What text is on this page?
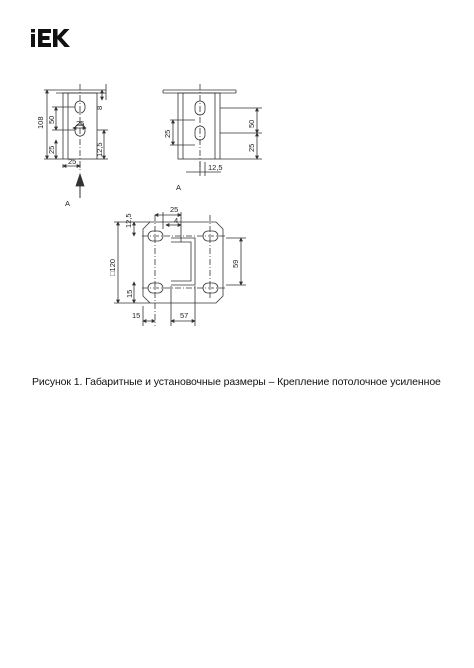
108 50	25
8
25	12,5
25
A
25
50
25
12,5
A
12,5
25
4
□120
15
59
15	57
Рисунок 1. Габаритные и установочные размеры – Крепление потолочное усиленное
